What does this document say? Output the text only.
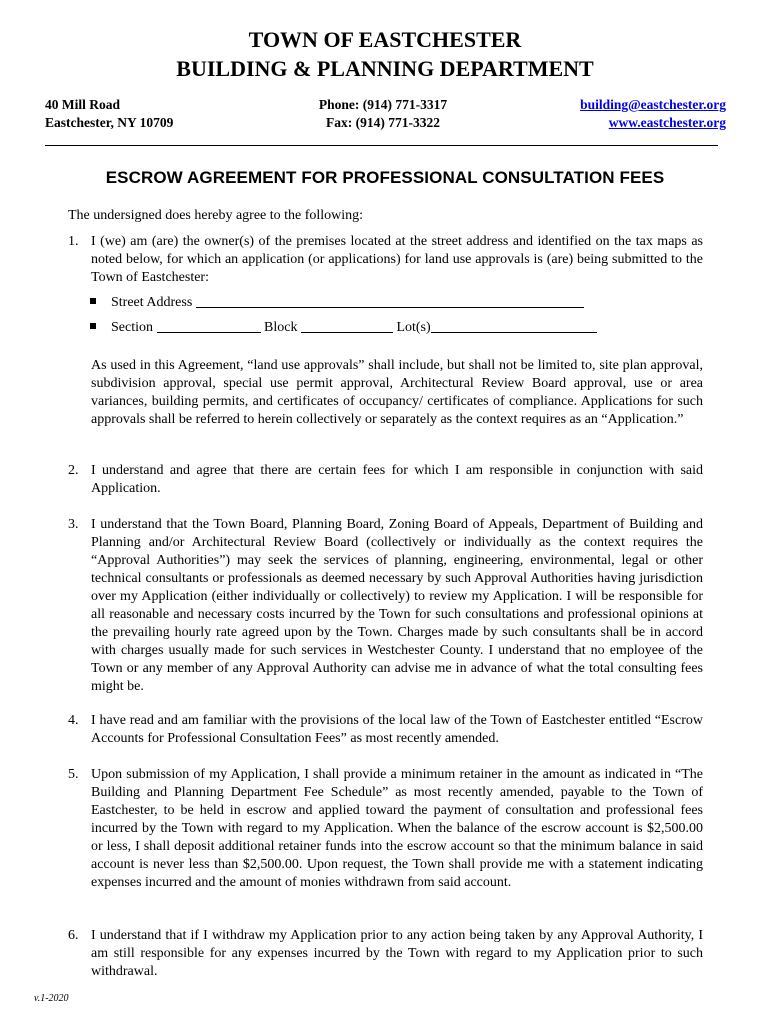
TOWN OF EASTCHESTER
BUILDING & PLANNING DEPARTMENT
40 Mill Road
Eastchester, NY 10709
Phone: (914) 771-3317
Fax: (914) 771-3322
building@eastchester.org
www.eastchester.org
ESCROW AGREEMENT FOR PROFESSIONAL CONSULTATION FEES
The undersigned does hereby agree to the following:
1. I (we) am (are) the owner(s) of the premises located at the street address and identified on the tax maps as noted below, for which an application (or applications) for land use approvals is (are) being submitted to the Town of Eastchester:
Street Address
Section	Block	Lot(s)
As used in this Agreement, “land use approvals” shall include, but shall not be limited to, site plan approval, subdivision approval, special use permit approval, Architectural Review Board approval, use or area variances, building permits, and certificates of occupancy/ certificates of compliance. Applications for such approvals shall be referred to herein collectively or separately as the context requires as an “Application.”
2. I understand and agree that there are certain fees for which I am responsible in conjunction with said Application.
3. I understand that the Town Board, Planning Board, Zoning Board of Appeals, Department of Building and Planning and/or Architectural Review Board (collectively or individually as the context requires the “Approval Authorities”) may seek the services of planning, engineering, environmental, legal or other technical consultants or professionals as deemed necessary by such Approval Authorities having jurisdiction over my Application (either individually or collectively) to review my Application. I will be responsible for all reasonable and necessary costs incurred by the Town for such consultations and professional opinions at the prevailing hourly rate agreed upon by the Town. Charges made by such consultants shall be in accord with charges usually made for such services in Westchester County. I understand that no employee of the Town or any member of any Approval Authority can advise me in advance of what the total consulting fees might be.
4. I have read and am familiar with the provisions of the local law of the Town of Eastchester entitled “Escrow Accounts for Professional Consultation Fees” as most recently amended.
5. Upon submission of my Application, I shall provide a minimum retainer in the amount as indicated in “The Building and Planning Department Fee Schedule” as most recently amended, payable to the Town of Eastchester, to be held in escrow and applied toward the payment of consultation and professional fees incurred by the Town with regard to my Application. When the balance of the escrow account is $2,500.00 or less, I shall deposit additional retainer funds into the escrow account so that the minimum balance in said account is never less than $2,500.00. Upon request, the Town shall provide me with a statement indicating expenses incurred and the amount of monies withdrawn from said account.
6. I understand that if I withdraw my Application prior to any action being taken by any Approval Authority, I am still responsible for any expenses incurred by the Town with regard to my Application prior to such withdrawal.
v.1-2020
